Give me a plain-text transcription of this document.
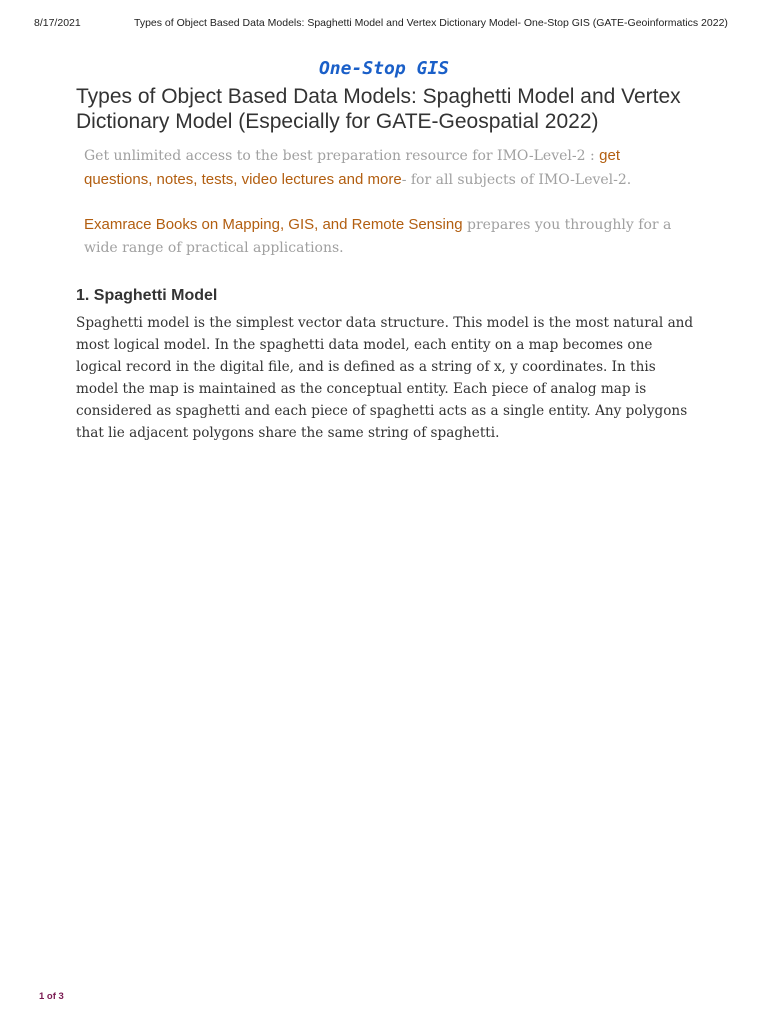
8/17/2021	Types of Object Based Data Models: Spaghetti Model and Vertex Dictionary Model- One-Stop GIS (GATE-Geoinformatics 2022)
One-Stop GIS
Types of Object Based Data Models: Spaghetti Model and Vertex Dictionary Model (Especially for GATE-Geospatial 2022)

Get unlimited access to the best preparation resource for IMO-Level-2 : get questions, notes, tests, video lectures and more- for all subjects of IMO-Level-2.

Examrace Books on Mapping, GIS, and Remote Sensing prepares you throughly for a wide range of practical applications.

1. Spaghetti Model

Spaghetti model is the simplest vector data structure. This model is the most natural and most logical model. In the spaghetti data model, each entity on a map becomes one logical record in the digital file, and is defined as a string of x, y coordinates. In this model the map is maintained as the conceptual entity. Each piece of analog map is considered as spaghetti and each piece of spaghetti acts as a single entity. Any polygons that lie adjacent polygons share the same string of spaghetti.

1 of 3
